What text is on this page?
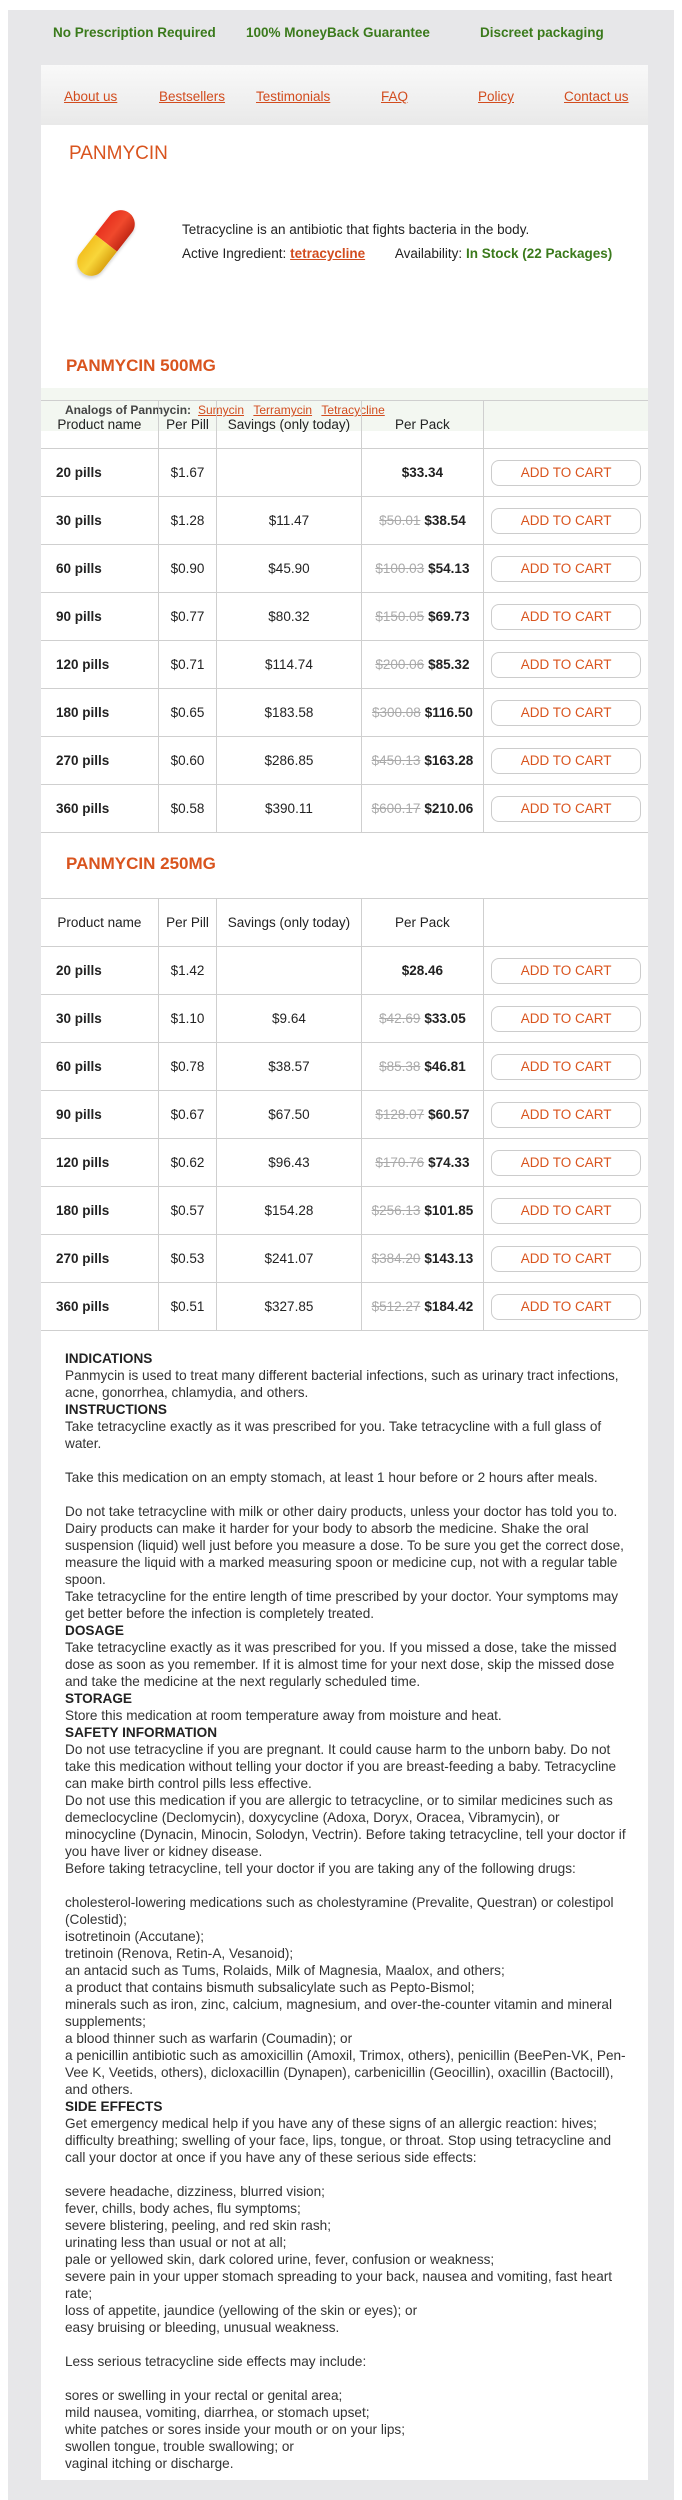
No Prescription Required 100% MoneyBack Guarantee	Discreet packaging
About us	Bestsellers Testimonials	FAQ	Policy	Contact us
PANMYCIN
Tetracycline is an antibiotic that fights bacteria in the body.
Active Ingredient: tetracycline Availability: In Stock (22 Packages)
Analogs of Panmycin: Sumycin Terramycin Tetracycline
PANMYCIN 500MG
Product name	Per Pill	Savings (only today)	Per Pack	
20 pills	$1.67		$33.34	ADD TO CART
30 pills	$1.28	$11.47	$50.01 $38.54	ADD TO CART
60 pills	$0.90	$45.90	$100.03 $54.13	ADD TO CART
90 pills	$0.77	$80.32	$150.05 $69.73	ADD TO CART
120 pills	$0.71	$114.74	$200.06 $85.32	ADD TO CART
180 pills	$0.65	$183.58	$300.08 $116.50	ADD TO CART
270 pills	$0.60	$286.85	$450.13 $163.28	ADD TO CART
360 pills	$0.58	$390.11	$600.17 $210.06	ADD TO CART
PANMYCIN 250MG
Product name	Per Pill	Savings (only today)	Per Pack	
20 pills	$1.42		$28.46	ADD TO CART
30 pills	$1.10	$9.64	$42.69 $33.05	ADD TO CART
60 pills	$0.78	$38.57	$85.38 $46.81	ADD TO CART
90 pills	$0.67	$67.50	$128.07 $60.57	ADD TO CART
120 pills	$0.62	$96.43	$170.76 $74.33	ADD TO CART
180 pills	$0.57	$154.28	$256.13 $101.85	ADD TO CART
270 pills	$0.53	$241.07	$384.20 $143.13	ADD TO CART
360 pills	$0.51	$327.85	$512.27 $184.42	ADD TO CART
INDICATIONS

Panmycin is used to treat many different bacterial infections, such as urinary tract infections, acne, gonorrhea, chlamydia, and others.

INSTRUCTIONS

Take tetracycline exactly as it was prescribed for you. Take tetracycline with a full glass of water.

Take this medication on an empty stomach, at least 1 hour before or 2 hours after meals.

Do not take tetracycline with milk or other dairy products, unless your doctor has told you to. Dairy products can make it harder for your body to absorb the medicine. Shake the oral suspension (liquid) well just before you measure a dose. To be sure you get the correct dose, measure the liquid with a marked measuring spoon or medicine cup, not with a regular table spoon.

Take tetracycline for the entire length of time prescribed by your doctor. Your symptoms may get better before the infection is completely treated.

DOSAGE

Take tetracycline exactly as it was prescribed for you. If you missed a dose, take the missed dose as soon as you remember. If it is almost time for your next dose, skip the missed dose and take the medicine at the next regularly scheduled time.

STORAGE

Store this medication at room temperature away from moisture and heat.

SAFETY INFORMATION

Do not use tetracycline if you are pregnant. It could cause harm to the unborn baby. Do not take this medication without telling your doctor if you are breast-feeding a baby. Tetracycline can make birth control pills less effective.

Do not use this medication if you are allergic to tetracycline, or to similar medicines such as demeclocycline (Declomycin), doxycycline (Adoxa, Doryx, Oracea, Vibramycin), or minocycline (Dynacin, Minocin, Solodyn, Vectrin). Before taking tetracycline, tell your doctor if you have liver or kidney disease.

Before taking tetracycline, tell your doctor if you are taking any of the following drugs:

cholesterol-lowering medications such as cholestyramine (Prevalite, Questran) or colestipol (Colestid);

isotretinoin (Accutane);

tretinoin (Renova, Retin-A, Vesanoid);

an antacid such as Tums, Rolaids, Milk of Magnesia, Maalox, and others;

a product that contains bismuth subsalicylate such as Pepto-Bismol;

minerals such as iron, zinc, calcium, magnesium, and over-the-counter vitamin and mineral supplements;

a blood thinner such as warfarin (Coumadin); or

a penicillin antibiotic such as amoxicillin (Amoxil, Trimox, others), penicillin (BeePen-VK, Pen-Vee K, Veetids, others), dicloxacillin (Dynapen), carbenicillin (Geocillin), oxacillin (Bactocill), and others.

SIDE EFFECTS

Get emergency medical help if you have any of these signs of an allergic reaction: hives; difficulty breathing; swelling of your face, lips, tongue, or throat. Stop using tetracycline and call your doctor at once if you have any of these serious side effects:

severe headache, dizziness, blurred vision;

fever, chills, body aches, flu symptoms;

severe blistering, peeling, and red skin rash;

urinating less than usual or not at all;

pale or yellowed skin, dark colored urine, fever, confusion or weakness;

severe pain in your upper stomach spreading to your back, nausea and vomiting, fast heart rate;

loss of appetite, jaundice (yellowing of the skin or eyes); or

easy bruising or bleeding, unusual weakness.

Less serious tetracycline side effects may include:

sores or swelling in your rectal or genital area;

mild nausea, vomiting, diarrhea, or stomach upset;

white patches or sores inside your mouth or on your lips;

swollen tongue, trouble swallowing; or

vaginal itching or discharge.
